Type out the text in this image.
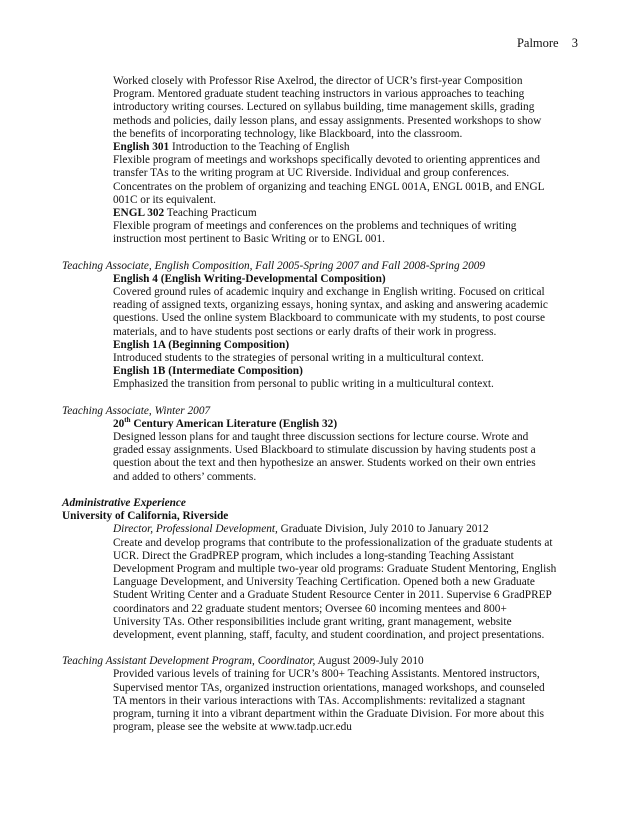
Palmore 3
Worked closely with Professor Rise Axelrod, the director of UCR’s first-year Composition
Program. Mentored graduate student teaching instructors in various approaches to teaching
introductory writing courses. Lectured on syllabus building, time management skills, grading
methods and policies, daily lesson plans, and essay assignments. Presented workshops to show
the benefits of incorporating technology, like Blackboard, into the classroom.
English 301 Introduction to the Teaching of English
Flexible program of meetings and workshops specifically devoted to orienting apprentices and
transfer TAs to the writing program at UC Riverside. Individual and group conferences.
Concentrates on the problem of organizing and teaching ENGL 001A, ENGL 001B, and ENGL
001C or its equivalent.
ENGL 302 Teaching Practicum
Flexible program of meetings and conferences on the problems and techniques of writing
instruction most pertinent to Basic Writing or to ENGL 001.
Teaching Associate, English Composition, Fall 2005-Spring 2007 and Fall 2008-Spring 2009
English 4 (English Writing-Developmental Composition)
Covered ground rules of academic inquiry and exchange in English writing. Focused on critical
reading of assigned texts, organizing essays, honing syntax, and asking and answering academic
questions. Used the online system Blackboard to communicate with my students, to post course
materials, and to have students post sections or early drafts of their work in progress.
English 1A (Beginning Composition)
Introduced students to the strategies of personal writing in a multicultural context.
English 1B (Intermediate Composition)
Emphasized the transition from personal to public writing in a multicultural context.
Teaching Associate, Winter 2007
20th Century American Literature (English 32)
Designed lesson plans for and taught three discussion sections for lecture course. Wrote and
graded essay assignments. Used Blackboard to stimulate discussion by having students post a
question about the text and then hypothesize an answer. Students worked on their own entries
and added to others’ comments.
Administrative Experience
University of California, Riverside
Director, Professional Development, Graduate Division, July 2010 to January 2012
Create and develop programs that contribute to the professionalization of the graduate students at
UCR. Direct the GradPREP program, which includes a long-standing Teaching Assistant
Development Program and multiple two-year old programs: Graduate Student Mentoring, English
Language Development, and University Teaching Certification. Opened both a new Graduate
Student Writing Center and a Graduate Student Resource Center in 2011. Supervise 6 GradPREP
coordinators and 22 graduate student mentors; Oversee 60 incoming mentees and 800+
University TAs. Other responsibilities include grant writing, grant management, website
development, event planning, staff, faculty, and student coordination, and project presentations.
Teaching Assistant Development Program, Coordinator, August 2009-July 2010
Provided various levels of training for UCR’s 800+ Teaching Assistants. Mentored instructors,
Supervised mentor TAs, organized instruction orientations, managed workshops, and counseled
TA mentors in their various interactions with TAs. Accomplishments: revitalized a stagnant
program, turning it into a vibrant department within the Graduate Division. For more about this
program, please see the website at www.tadp.ucr.edu
